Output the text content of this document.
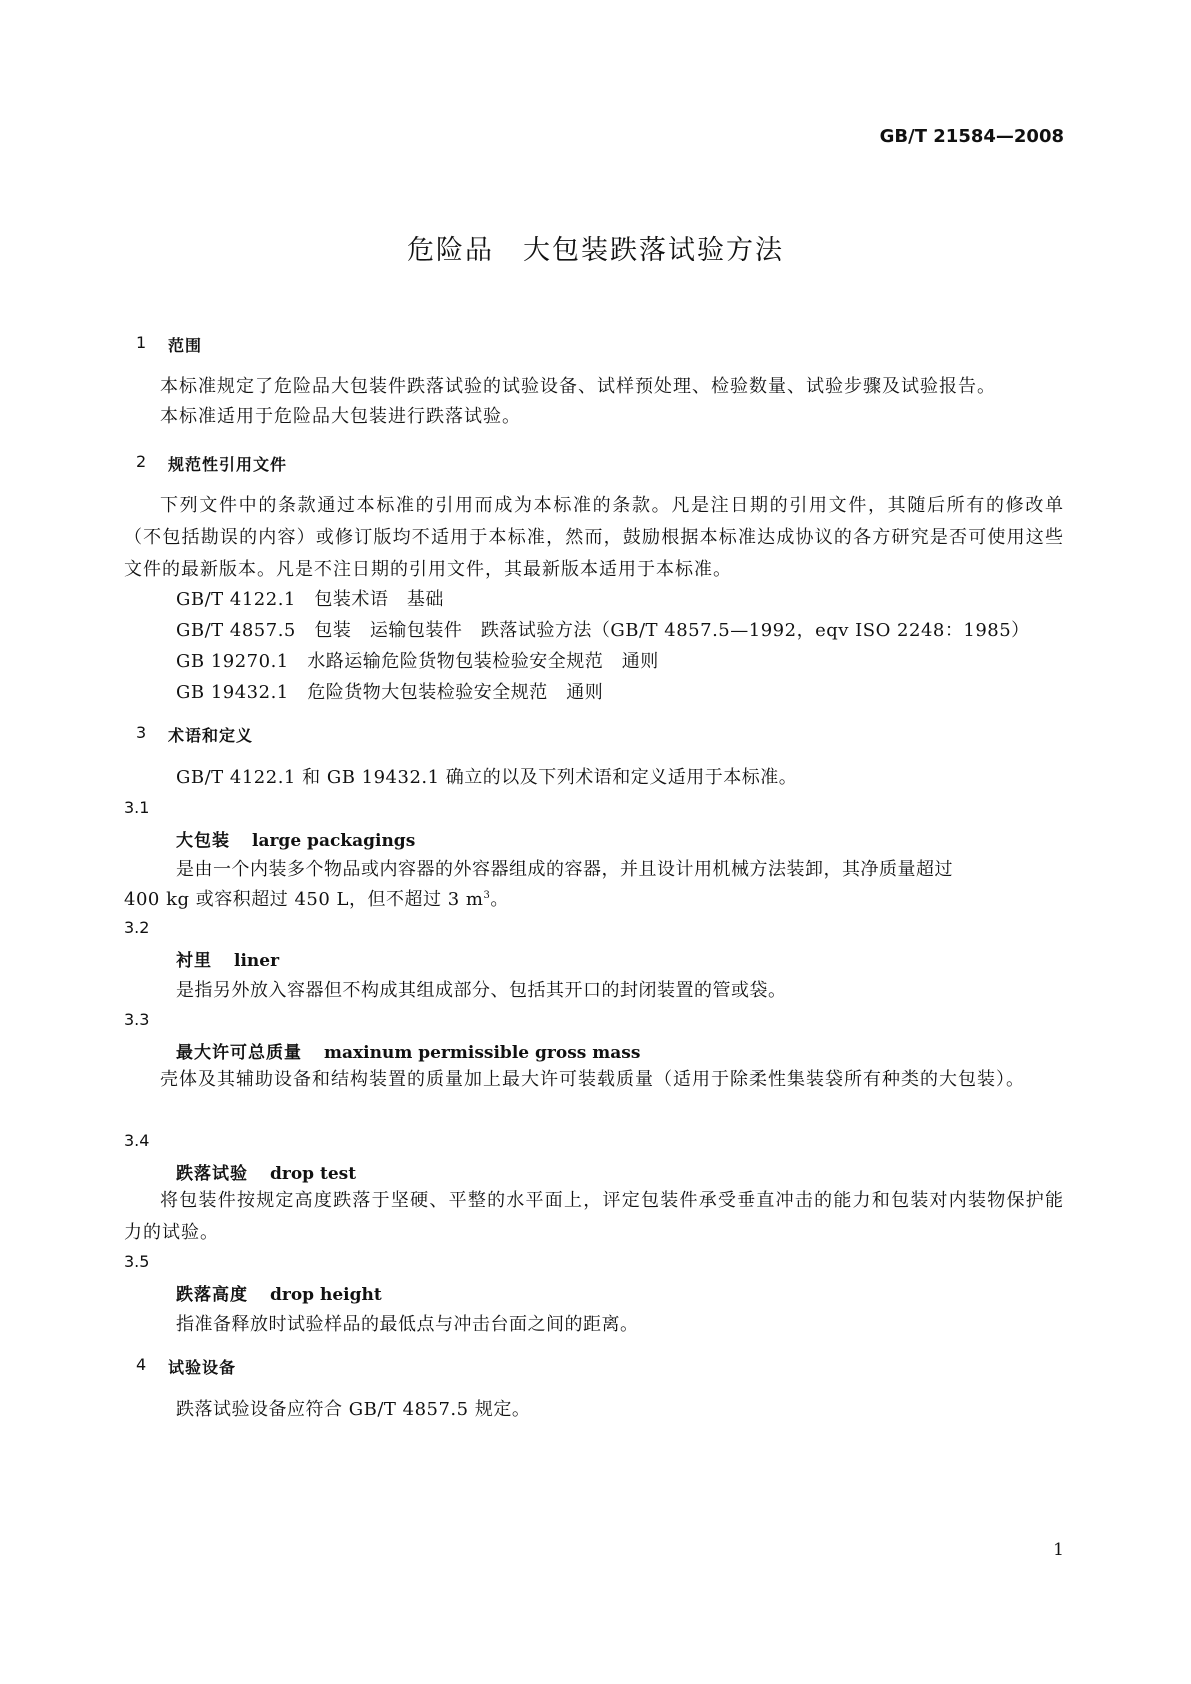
GB/T 21584—2008
危险品　大包装跌落试验方法
1 范围
本标准规定了危险品大包装件跌落试验的试验设备、试样预处理、检验数量、试验步骤及试验报告。
本标准适用于危险品大包装进行跌落试验。
2 规范性引用文件
下列文件中的条款通过本标准的引用而成为本标准的条款。凡是注日期的引用文件，其随后所有的修改单（不包括勘误的内容）或修订版均不适用于本标准，然而，鼓励根据本标准达成协议的各方研究是否可使用这些文件的最新版本。凡是不注日期的引用文件，其最新版本适用于本标准。
GB/T 4122.1　包装术语　基础
GB/T 4857.5　包装　运输包装件　跌落试验方法（GB/T 4857.5—1992，eqv ISO 2248：1985）
GB 19270.1　水路运输危险货物包装检验安全规范　通则
GB 19432.1　危险货物大包装检验安全规范　通则
3 术语和定义
GB/T 4122.1 和 GB 19432.1 确立的以及下列术语和定义适用于本标准。
3.1
大包装 large packagings
是由一个内装多个物品或内容器的外容器组成的容器，并且设计用机械方法装卸，其净质量超过
400 kg 或容积超过 450 L，但不超过 3 $m^3$。
3.2
衬里 liner
是指另外放入容器但不构成其组成部分、包括其开口的封闭装置的管或袋。
3.3
最大许可总质量 maxinum permissible gross mass
壳体及其辅助设备和结构装置的质量加上最大许可装载质量（适用于除柔性集装袋所有种类的大包装）。
3.4
跌落试验 drop test
将包装件按规定高度跌落于坚硬、平整的水平面上，评定包装件承受垂直冲击的能力和包装对内装物保护能力的试验。
3.5
跌落高度 drop height
指准备释放时试验样品的最低点与冲击台面之间的距离。
4 试验设备
跌落试验设备应符合 GB/T 4857.5 规定。
1
